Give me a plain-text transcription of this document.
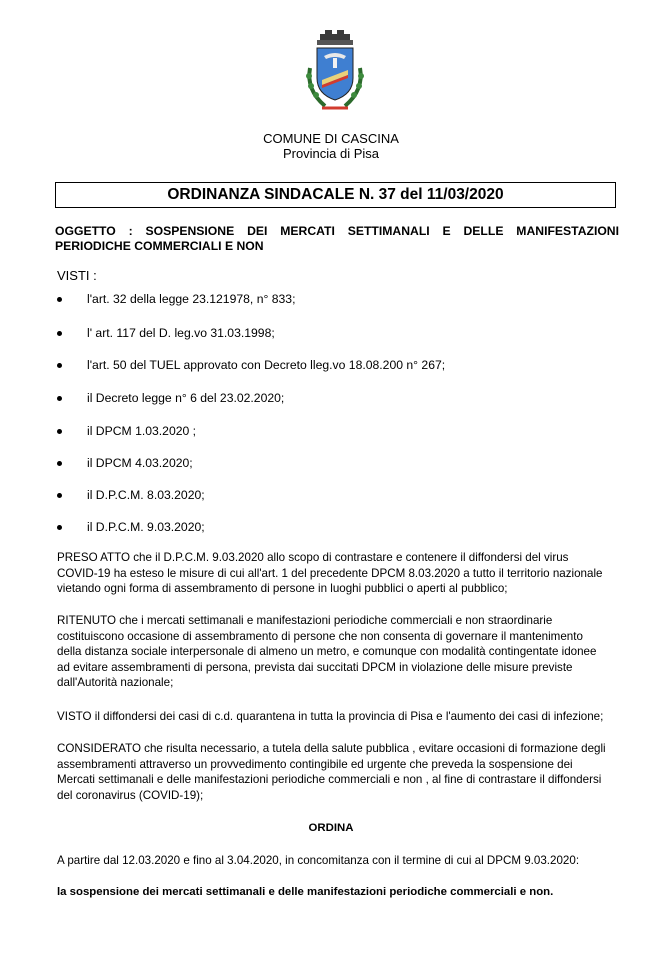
COMUNE DI CASCINA
Provincia di Pisa
ORDINANZA SINDACALE N. 37 del 11/03/2020
OGGETTO : SOSPENSIONE DEI MERCATI SETTIMANALI E DELLE MANIFESTAZIONI
PERIODICHE COMMERCIALI E NON
VISTI :
l'art. 32 della legge 23.121978, n° 833;
l' art. 117 del D. leg.vo 31.03.1998;
l'art. 50 del TUEL approvato con Decreto lleg.vo 18.08.200 n° 267;
il Decreto legge n° 6 del 23.02.2020;
il DPCM 1.03.2020 ;
il DPCM 4.03.2020;
il D.P.C.M. 8.03.2020;
il D.P.C.M. 9.03.2020;
PRESO ATTO che il D.P.C.M. 9.03.2020 allo scopo di contrastare e contenere il diffondersi del virus
COVID-19 ha esteso le misure di cui all'art. 1 del precedente DPCM 8.03.2020 a tutto il territorio nazionale
vietando ogni forma di assembramento di persone in luoghi pubblici o aperti al pubblico;
RITENUTO che i mercati settimanali e manifestazioni periodiche commerciali e non straordinarie
costituiscono occasione di assembramento di persone che non consenta di governare il mantenimento
della distanza sociale interpersonale di almeno un metro, e comunque con modalità contingentate idonee
ad evitare assembramenti di persona, prevista dai succitati DPCM in violazione delle misure previste
dall'Autorità nazionale;
VISTO il diffondersi dei casi di c.d. quarantena in tutta la provincia di Pisa e l'aumento dei casi di infezione;
CONSIDERATO che risulta necessario, a tutela della salute pubblica , evitare occasioni di formazione degli
assembramenti attraverso un provvedimento contingibile ed urgente che preveda la sospensione dei
Mercati settimanali e delle manifestazioni periodiche commerciali e non , al fine di contrastare il diffondersi
del coronavirus (COVID-19);
ORDINA
A partire dal 12.03.2020 e fino al 3.04.2020, in concomitanza con il termine di cui al DPCM 9.03.2020:
la sospensione dei mercati settimanali e delle manifestazioni periodiche commerciali e non.
